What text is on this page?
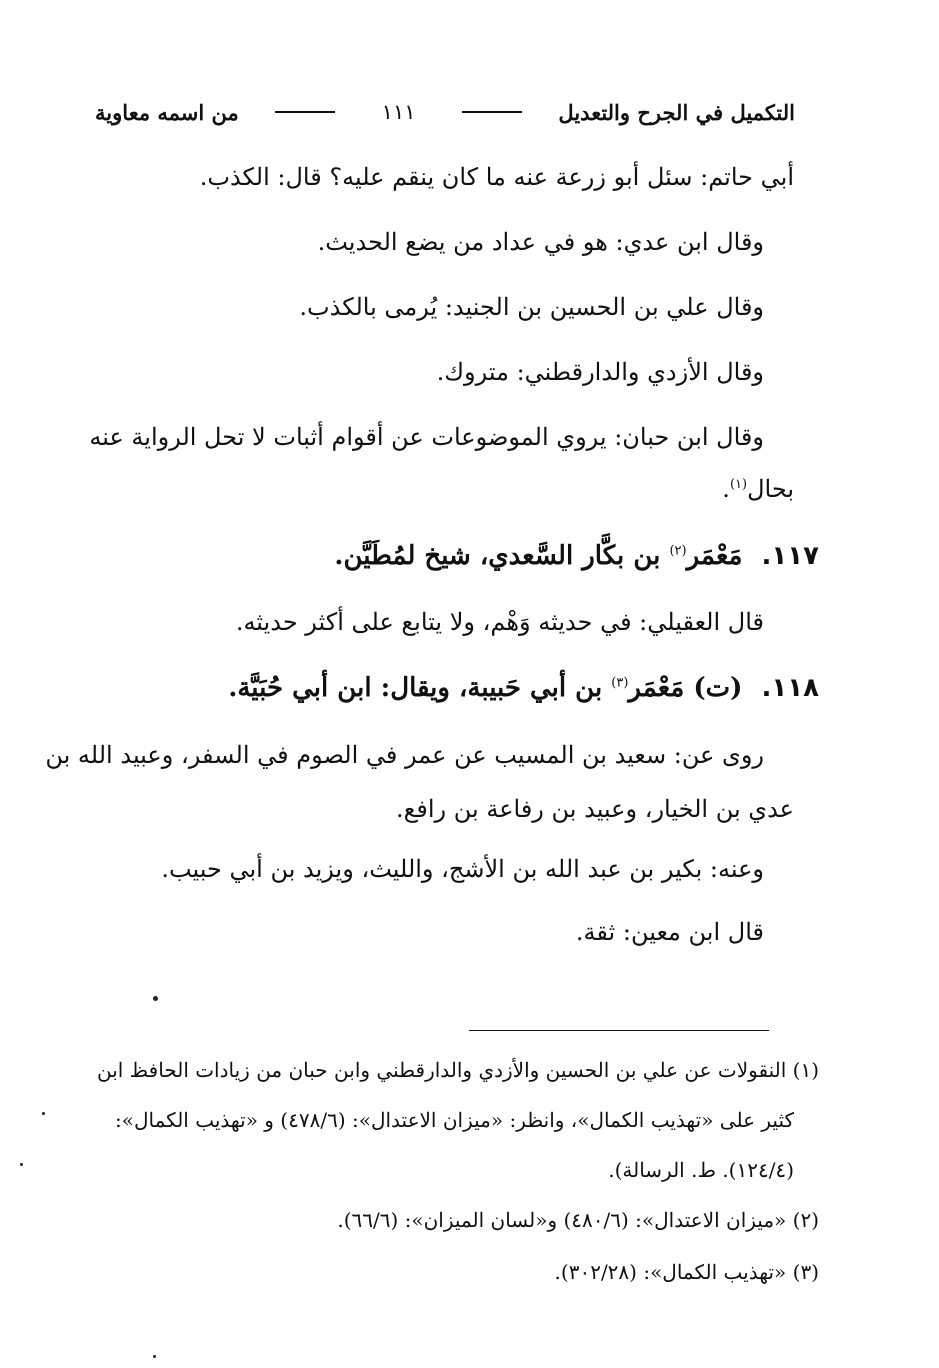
التكميل في الجرح والتعديل
١١١
من اسمه معاوية
أبي حاتم: سئل أبو زرعة عنه ما كان ينقم عليه؟ قال: الكذب.
وقال ابن عدي: هو في عداد من يضع الحديث.
وقال علي بن الحسين بن الجنيد: يُرمى بالكذب.
وقال الأزدي والدارقطني: متروك.
وقال ابن حبان: يروي الموضوعات عن أقوام أثبات لا تحل الرواية عنه
بحال$^{(١)}$.
١١٧. مَعْمَر$^{(٢)}$ بن بكَّار السَّعدي، شيخ لمُطَيَّن.
قال العقيلي: في حديثه وَهْم، ولا يتابع على أكثر حديثه.
١١٨. (ت) مَعْمَر$^{(٣)}$ بن أبي حَبيبة، ويقال: ابن أبي حُبَيَّة.
روى عن: سعيد بن المسيب عن عمر في الصوم في السفر، وعبيد الله بن
عدي بن الخيار، وعبيد بن رفاعة بن رافع.
وعنه: بكير بن عبد الله بن الأشج، والليث، ويزيد بن أبي حبيب.
قال ابن معين: ثقة.
(١) النقولات عن علي بن الحسين والأزدي والدارقطني وابن حبان من زيادات الحافظ ابن
كثير على «تهذيب الكمال»، وانظر: «ميزان الاعتدال»: (٤٧٨/٦) و «تهذيب الكمال»:
(١٢٤/٤). ط. الرسالة).
(٢) «ميزان الاعتدال»: (٤٨٠/٦) و«لسان الميزان»: (٦٦/٦).
(٣) «تهذيب الكمال»: (٣٠٢/٢٨).
